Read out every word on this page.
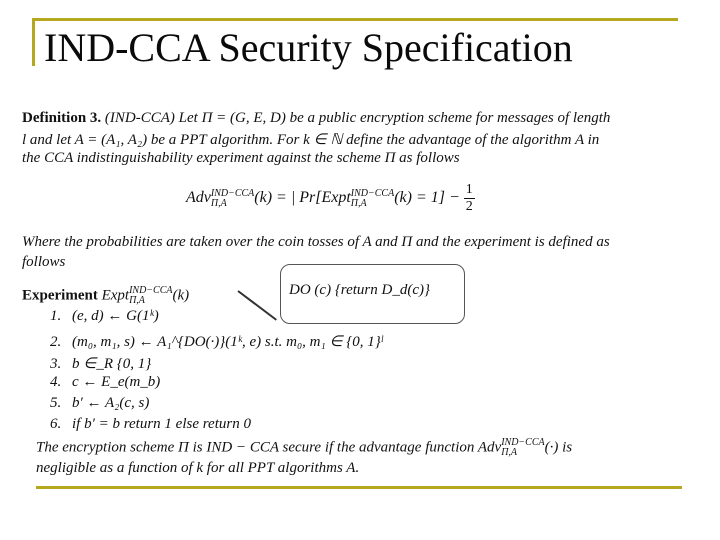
IND-CCA Security Specification
Definition 3. (IND-CCA) Let Π = (G, E, D) be a public encryption scheme for messages of length
l and let A = (A₁, A₂) be a PPT algorithm. For k ∈ ℕ define the advantage of the algorithm A in
the CCA indistinguishability experiment against the scheme Π as follows
Adv IND−CCA
Π,A	(k) = | Pr[Expt IND−CCA
Π,A	$(k) = 1] - \frac{1}{2}$
Where the probabilities are taken over the coin tosses of A and Π and the experiment is defined as
follows
DO (c) {return D_d(c)}
Experiment Expt IND−CCA
Π,A	(k)
1. (e, d) ← G(1ᵏ)
2. (m₀, m₁, s) ← A₁^{DO(·)}(1ᵏ, e) s.t. m₀, m₁ ∈ {0, 1}ˡ
3. b ∈_R {0, 1}
4. c ← E_e(m_b)
5. b′ ← A₂(c, s)
6. if b′ = b return 1 else return 0
The encryption scheme Π is IND − CCA secure if the advantage function Adv IND−CCA
Π,A	(·) is
negligible as a function of k for all PPT algorithms A.
